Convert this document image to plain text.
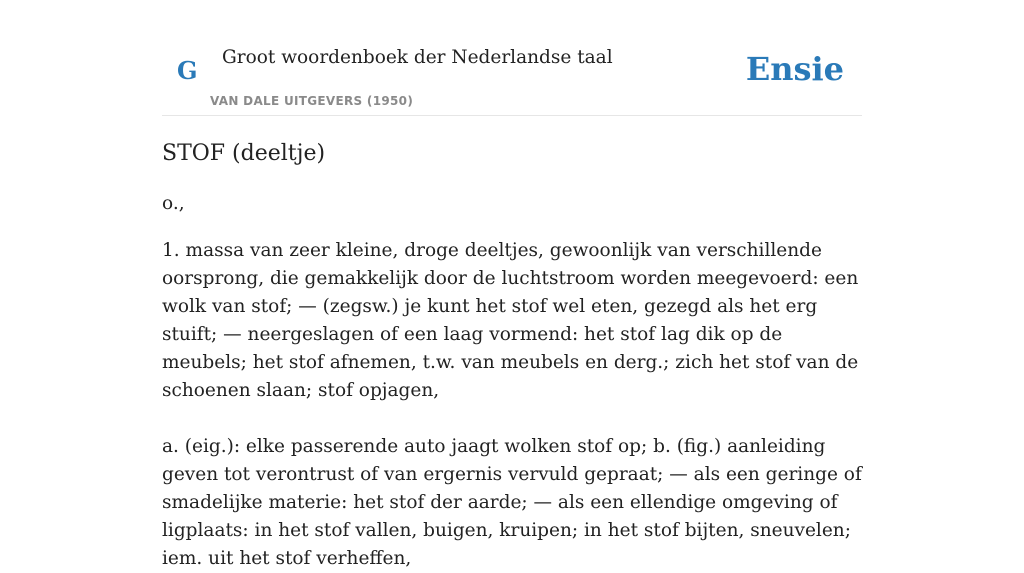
G Groot woordenboek der Nederlandse taal
VAN DALE UITGEVERS (1950)
Ensie
STOF (deeltje)

o.,

1. massa van zeer kleine, droge deeltjes, gewoonlijk van verschillende oorsprong, die gemakkelijk door de luchtstroom worden meegevoerd: een wolk van stof; — (zegsw.) je kunt het stof wel eten, gezegd als het erg stuift; — neergeslagen of een laag vormend: het stof lag dik op de meubels; het stof afnemen, t.w. van meubels en derg.; zich het stof van de schoenen slaan; stof opjagen,

a. (eig.): elke passerende auto jaagt wolken stof op; b. (fig.) aanleiding geven tot verontrust of van ergernis vervuld gepraat; — als een geringe of smadelijke materie: het stof der aarde; — als een ellendige omgeving of ligplaats: in het stof vallen, buigen, kruipen; in het stof bijten, sneuvelen; iem. uit het stof verheffen,
